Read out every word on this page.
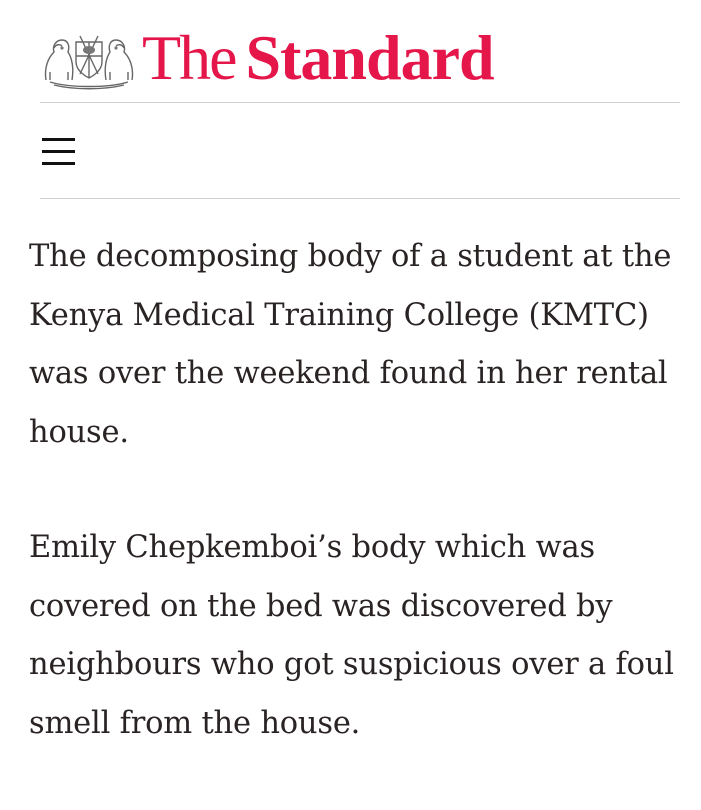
The Standard

The decomposing body of a student at the Kenya Medical Training College (KMTC) was over the weekend found in her rental house.

Emily Chepkemboi’s body which was covered on the bed was discovered by neighbours who got suspicious over a foul smell from the house.
